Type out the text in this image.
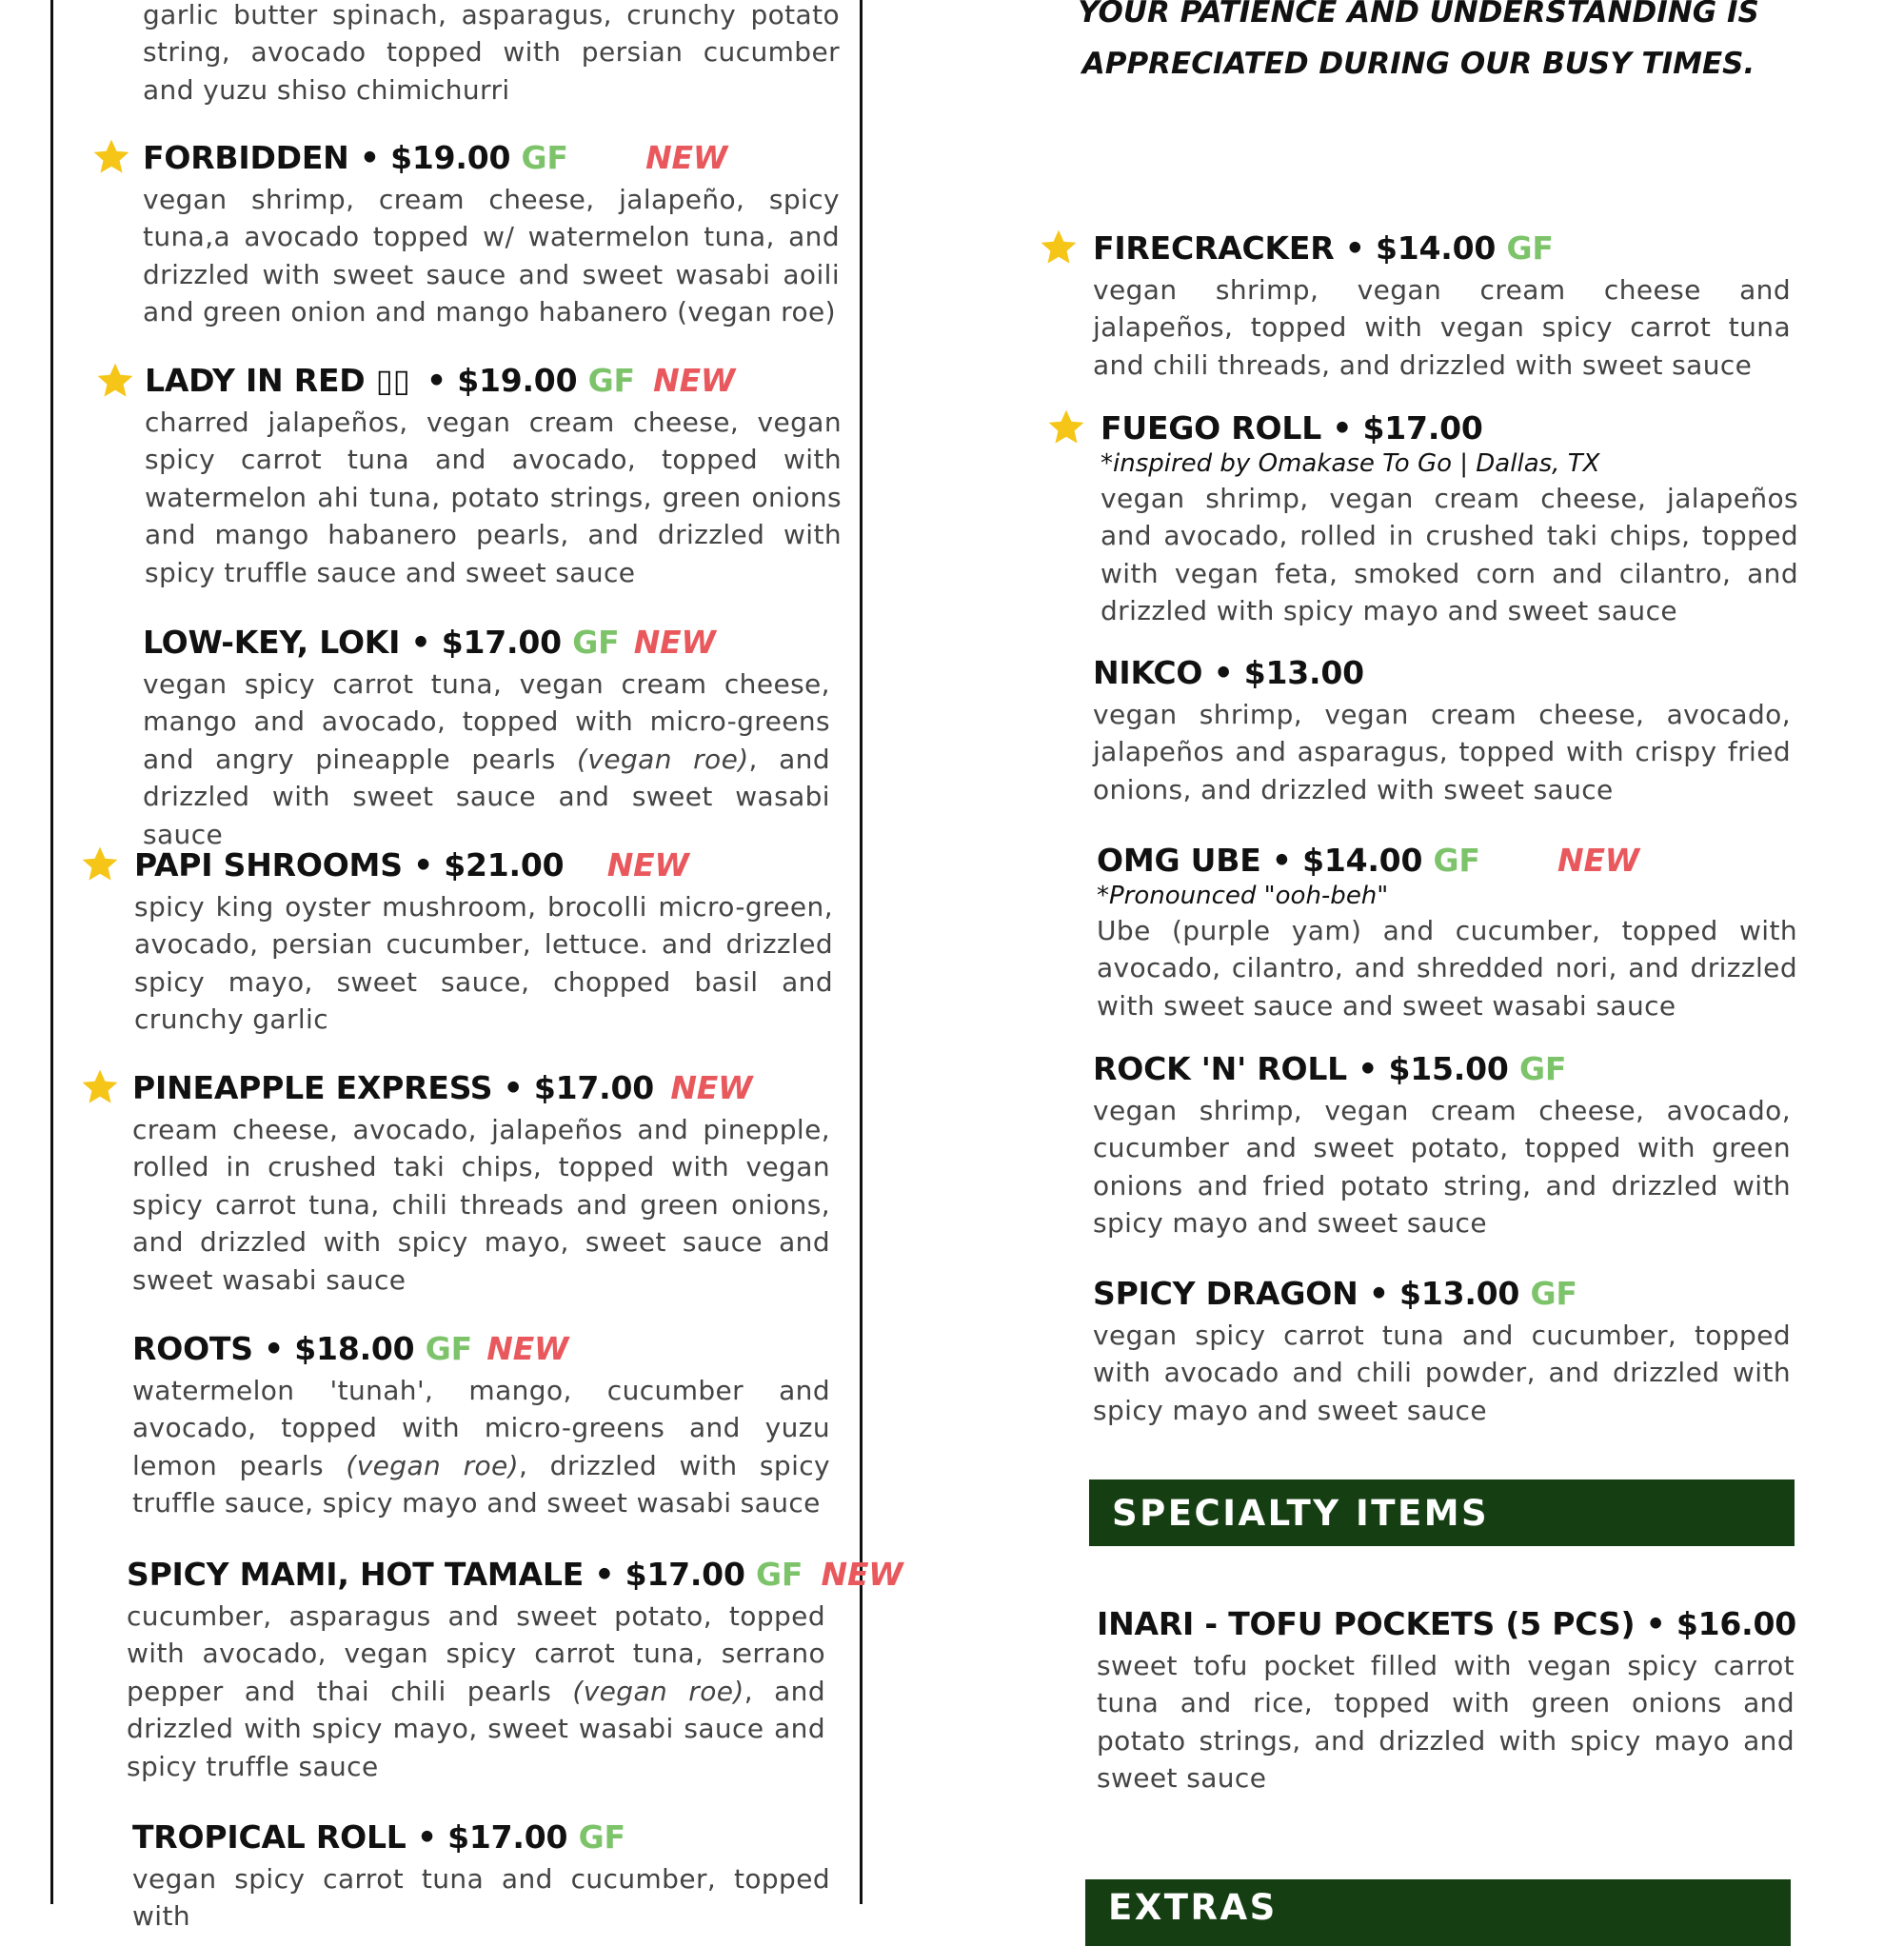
YOUR PATIENCE AND UNDERSTANDING IS
APPRECIATED DURING OUR BUSY TIMES.
garlic butter spinach, asparagus, crunchy potato string, avocado topped with persian cucumber and yuzu shiso chimichurri
FORBIDDEN • $19.00 GF NEW
vegan shrimp, cream cheese, jalapeño, spicy tuna,a avocado topped w/ watermelon tuna, and drizzled with sweet sauce and sweet wasabi aoili and green onion and mango habanero (vegan roe)
LADY IN RED ▯▯ • $19.00 GF NEW
charred jalapeños, vegan cream cheese, vegan spicy carrot tuna and avocado, topped with watermelon ahi tuna, potato strings, green onions and mango habanero pearls, and drizzled with spicy truffle sauce and sweet sauce
LOW-KEY, LOKI • $17.00 GF NEW
vegan spicy carrot tuna, vegan cream cheese, mango and avocado, topped with micro-greens and angry pineapple pearls (vegan roe), and drizzled with sweet sauce and sweet wasabi sauce
PAPI SHROOMS • $21.00 NEW
spicy king oyster mushroom, brocolli micro-green, avocado, persian cucumber, lettuce. and drizzled spicy mayo, sweet sauce, chopped basil and crunchy garlic
PINEAPPLE EXPRESS • $17.00 NEW
cream cheese, avocado, jalapeños and pinepple, rolled in crushed taki chips, topped with vegan spicy carrot tuna, chili threads and green onions, and drizzled with spicy mayo, sweet sauce and sweet wasabi sauce
ROOTS • $18.00 GF NEW
watermelon 'tunah', mango, cucumber and avocado, topped with micro-greens and yuzu lemon pearls (vegan roe), drizzled with spicy truffle sauce, spicy mayo and sweet wasabi sauce
SPICY MAMI, HOT TAMALE • $17.00 GF NEW
cucumber, asparagus and sweet potato, topped with avocado, vegan spicy carrot tuna, serrano pepper and thai chili pearls (vegan roe), and drizzled with spicy mayo, sweet wasabi sauce and spicy truffle sauce
TROPICAL ROLL • $17.00 GF
vegan spicy carrot tuna and cucumber, topped with
FIRECRACKER • $14.00 GF
vegan shrimp, vegan cream cheese and jalapeños, topped with vegan spicy carrot tuna and chili threads, and drizzled with sweet sauce
FUEGO ROLL • $17.00
*inspired by Omakase To Go | Dallas, TX
vegan shrimp, vegan cream cheese, jalapeños and avocado, rolled in crushed taki chips, topped with vegan feta, smoked corn and cilantro, and drizzled with spicy mayo and sweet sauce
NIKCO • $13.00
vegan shrimp, vegan cream cheese, avocado, jalapeños and asparagus, topped with crispy fried onions, and drizzled with sweet sauce
OMG UBE • $14.00 GF NEW
*Pronounced "ooh-beh"
Ube (purple yam) and cucumber, topped with avocado, cilantro, and shredded nori, and drizzled with sweet sauce and sweet wasabi sauce
ROCK 'N' ROLL • $15.00 GF
vegan shrimp, vegan cream cheese, avocado, cucumber and sweet potato, topped with green onions and fried potato string, and drizzled with spicy mayo and sweet sauce
SPICY DRAGON • $13.00 GF
vegan spicy carrot tuna and cucumber, topped with avocado and chili powder, and drizzled with spicy mayo and sweet sauce
SPECIALTY ITEMS
INARI - TOFU POCKETS (5 PCS) • $16.00
sweet tofu pocket filled with vegan spicy carrot tuna and rice, topped with green onions and potato strings, and drizzled with spicy mayo and sweet sauce
EXTRAS
